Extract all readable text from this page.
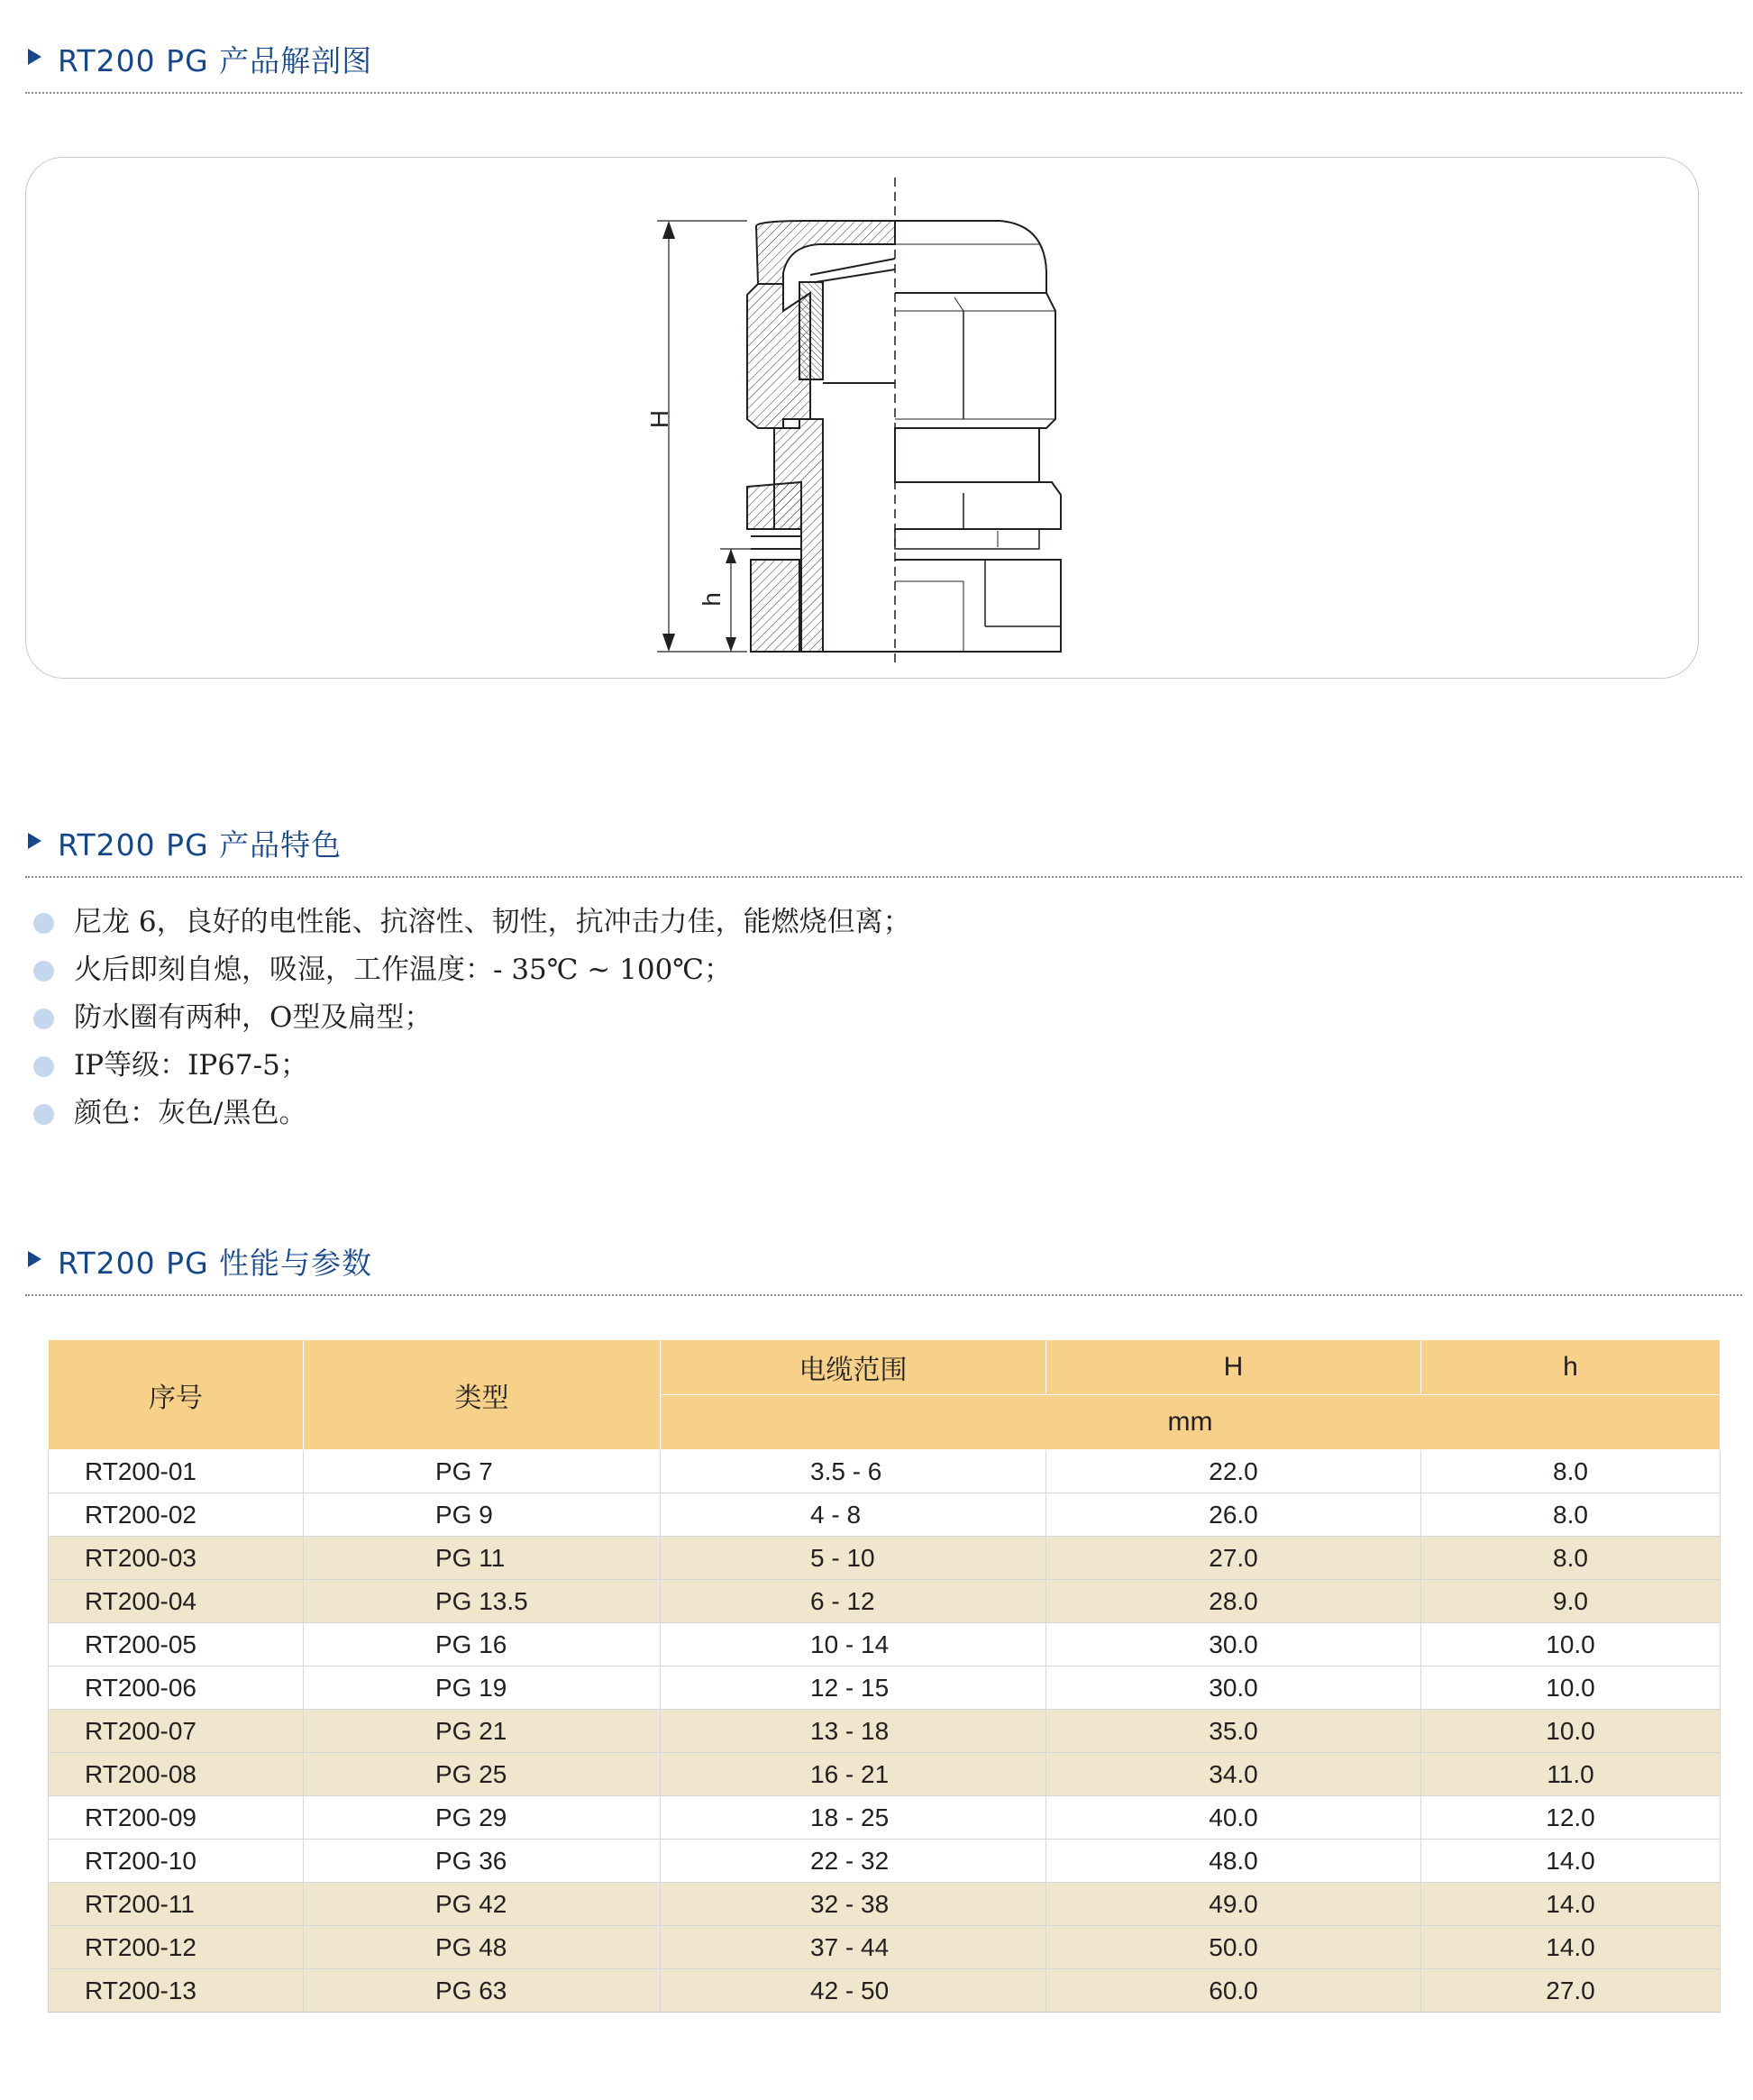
RT200 PG 产品解剖图
H
h
RT200 PG 产品特色
尼龙 6，良好的电性能、抗溶性、韧性，抗冲击力佳，能燃烧但离；
火后即刻自熄，吸湿，工作温度：- 35℃ ~ 100℃；
防水圈有两种，O型及扁型；
IP等级：IP67-5；
颜色：灰色/黑色。
RT200 PG 性能与参数
序号	类型	电缆范围	H	h
		mm		
RT200-01	PG 7	3.5 - 6	22.0	8.0
RT200-02	PG 9	4 - 8	26.0	8.0
RT200-03	PG 11	5 - 10	27.0	8.0
RT200-04	PG 13.5	6 - 12	28.0	9.0
RT200-05	PG 16	10 - 14	30.0	10.0
RT200-06	PG 19	12 - 15	30.0	10.0
RT200-07	PG 21	13 - 18	35.0	10.0
RT200-08	PG 25	16 - 21	34.0	11.0
RT200-09	PG 29	18 - 25	40.0	12.0
RT200-10	PG 36	22 - 32	48.0	14.0
RT200-11	PG 42	32 - 38	49.0	14.0
RT200-12	PG 48	37 - 44	50.0	14.0
RT200-13	PG 63	42 - 50	60.0	27.0
